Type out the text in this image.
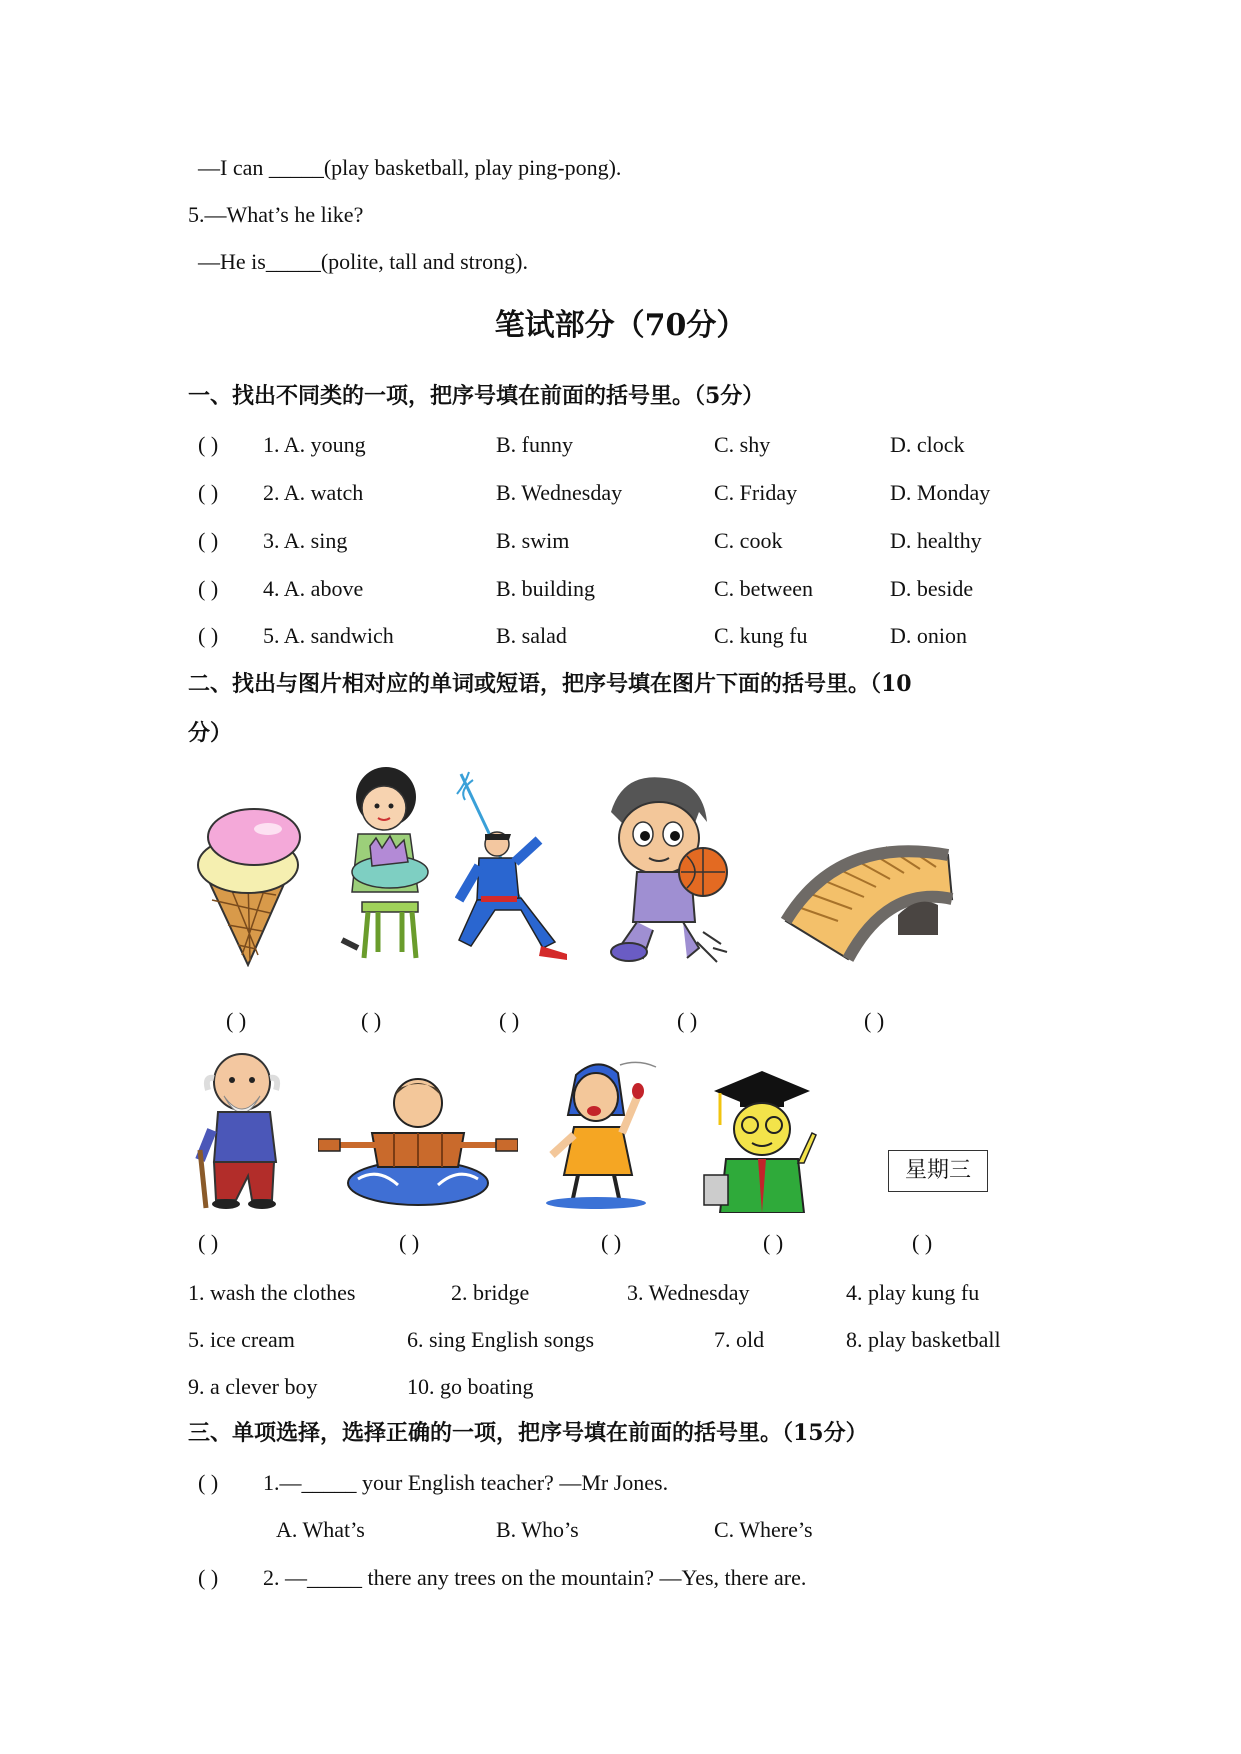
—I can _____(play basketball, play ping-pong).
5.—What’s he like?
—He is_____(polite, tall and strong).
笔试部分（70分）
一、找出不同类的一项，把序号填在前面的括号里。（5分）
( ) 1. A. young	B. funny	C. shy	D. clock
( ) 2. A. watch	B. Wednesday	C. Friday	D. Monday
( ) 3. A. sing	B. swim	C. cook	D. healthy
( ) 4. A. above	B. building	C. between	D. beside
( ) 5. A. sandwich	B. salad	C. kung fu	D. onion
二、找出与图片相对应的单词或短语，把序号填在图片下面的括号里。（10
分）
( )	( )	( )	( )	( )
星期三
( )	( )	( )	( )	( )
1. wash the clothes	2. bridge	3. Wednesday	4. play kung fu
5. ice cream	6. sing English songs	7. old	8. play basketball
9. a clever boy	10. go boating
三、单项选择，选择正确的一项，把序号填在前面的括号里。（15分）
( ) 1.—_____ your English teacher? —Mr Jones.
A. What’s	B. Who’s	C. Where’s
( ) 2. —_____ there any trees on the mountain? —Yes, there are.
